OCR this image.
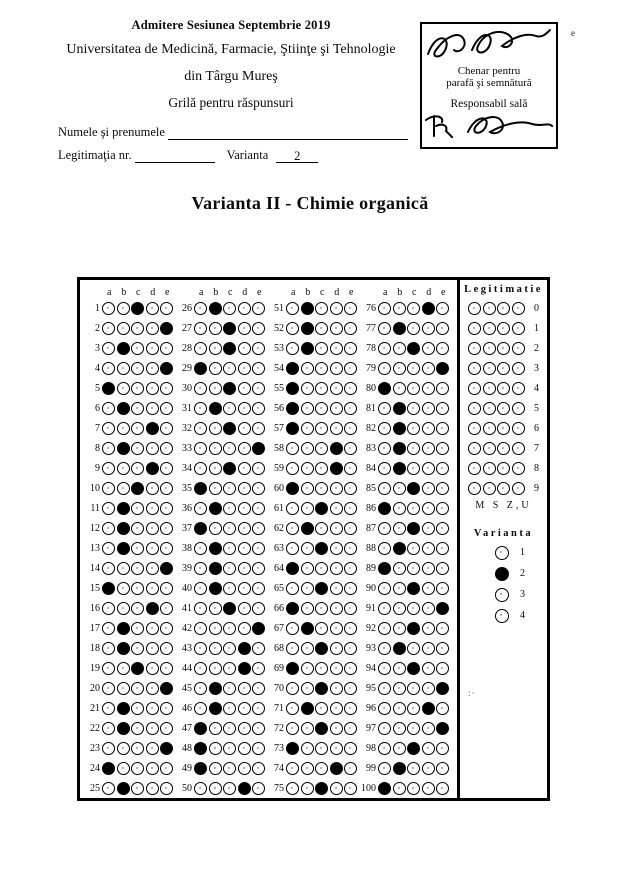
Admitere Sesiunea Septembrie 2019
Universitatea de Medicină, Farmacie, Ştiinţe şi Tehnologie
din Târgu Mureş
Grilă pentru răspunsuri
Numele şi prenumele
Legitimaţia nr.	Varianta	2
Chenar pentru
parafă şi semnătură
Responsabil sală
e
Varianta II - Chimie organică
a b c d e
1
2
3
4
5
6
7
8
9
10
11
12
13
14
15
16
17
18
19
20
21
22
23
24
25
a b c d e
26
27
28
29
30
31
32
33
34
35
36
37
38
39
40
41
42
43
44
45
46
47
48
49
50
a b c d e
51
52
53
54
55
56
57
58
59
60
61
62
63
64
65
66
67
68
69
70
71
72
73
74
75
a b c d e
76
77
78
79
80
81
82
83
84
85
86
87
88
89
90
91
92
93
94
95
96
97
98
99
100
Legitimatie
0
1
2
3
4
5
6
7
8
9
M S Z,U
Varianta
1
2
3
4
:·
